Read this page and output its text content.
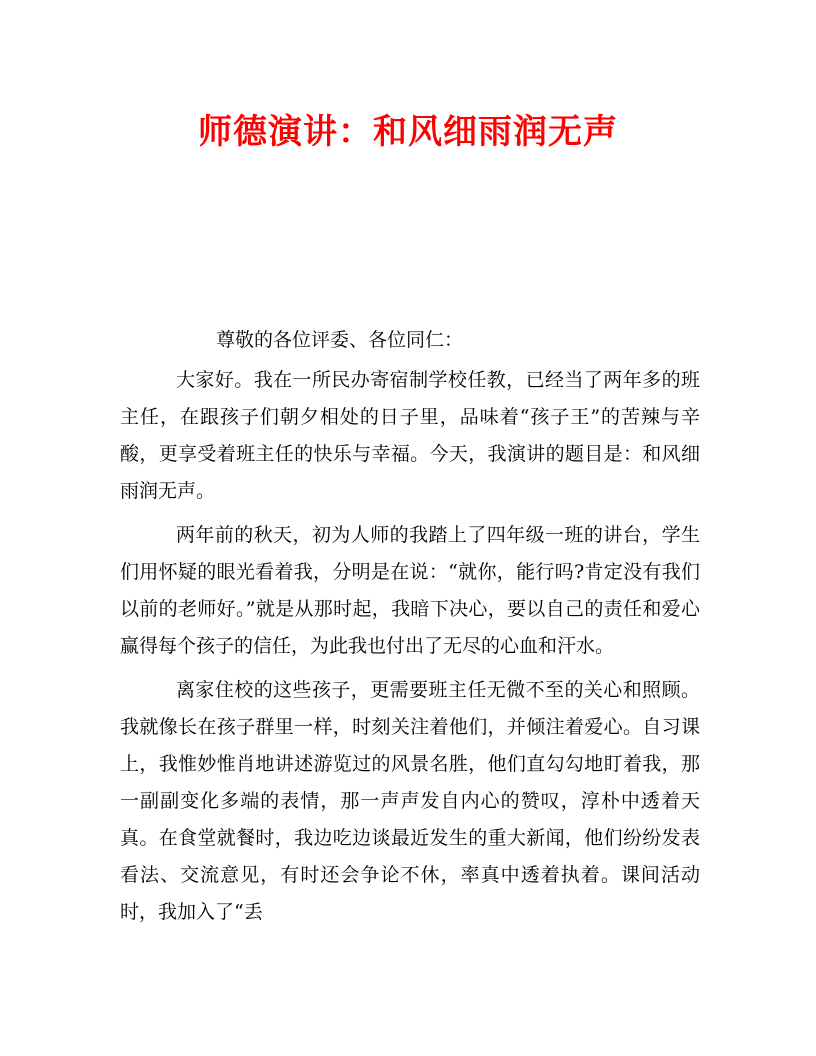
师德演讲：和风细雨润无声

尊敬的各位评委、各位同仁：

大家好。我在一所民办寄宿制学校任教，已经当了两年多的班主任，在跟孩子们朝夕相处的日子里，品味着“孩子王”的苦辣与辛酸，更享受着班主任的快乐与幸福。今天，我演讲的题目是：和风细雨润无声。

两年前的秋天，初为人师的我踏上了四年级一班的讲台，学生们用怀疑的眼光看着我，分明是在说：“就你，能行吗?肯定没有我们以前的老师好。”就是从那时起，我暗下决心，要以自己的责任和爱心赢得每个孩子的信任，为此我也付出了无尽的心血和汗水。

离家住校的这些孩子，更需要班主任无微不至的关心和照顾。我就像长在孩子群里一样，时刻关注着他们，并倾注着爱心。自习课上，我惟妙惟肖地讲述游览过的风景名胜，他们直勾勾地盯着我，那一副副变化多端的表情，那一声声发自内心的赞叹，淳朴中透着天真。在食堂就餐时，我边吃边谈最近发生的重大新闻，他们纷纷发表看法、交流意见，有时还会争论不休，率真中透着执着。课间活动时，我加入了“丢
